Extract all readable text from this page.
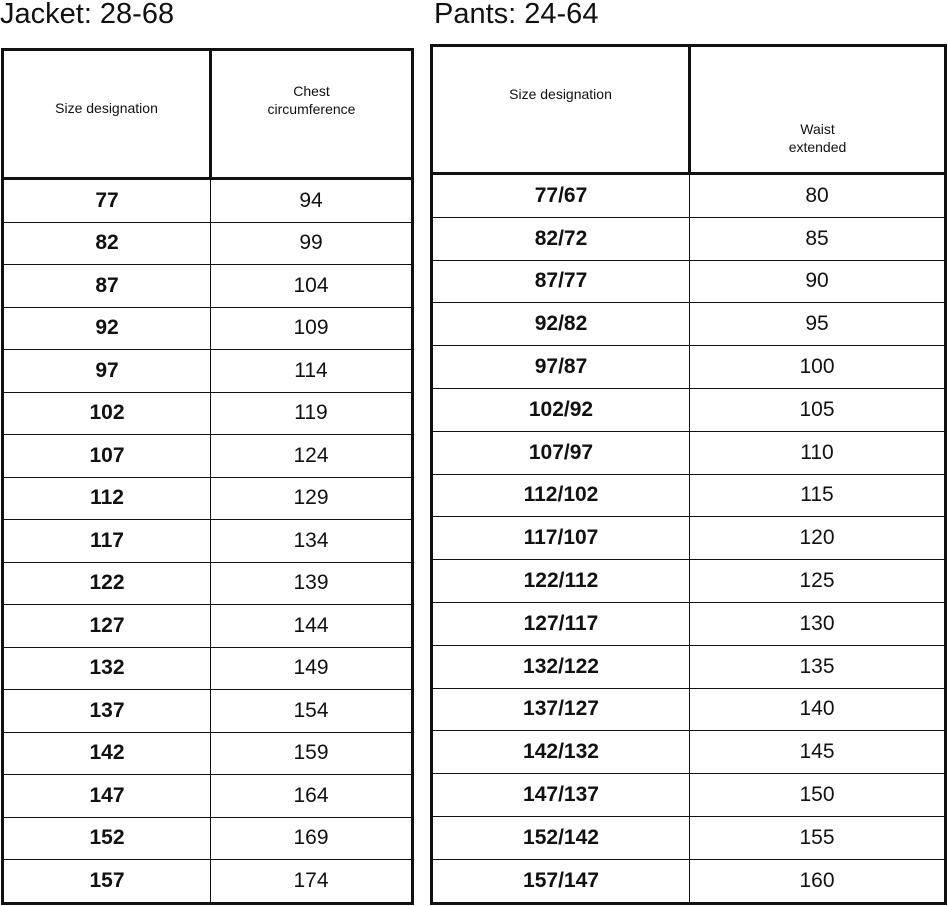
Jacket: 28-68	Pants: 24-64
Size designation	Chest circumference
77	94
82	99
87	104
92	109
97	114
102	119
107	124
112	129
117	134
122	139
127	144
132	149
137	154
142	159
147	164
152	169
157	174
Size designation	Waist extended
77/67	80
82/72	85
87/77	90
92/82	95
97/87	100
102/92	105
107/97	110
112/102	115
117/107	120
122/112	125
127/117	130
132/122	135
137/127	140
142/132	145
147/137	150
152/142	155
157/147	160
